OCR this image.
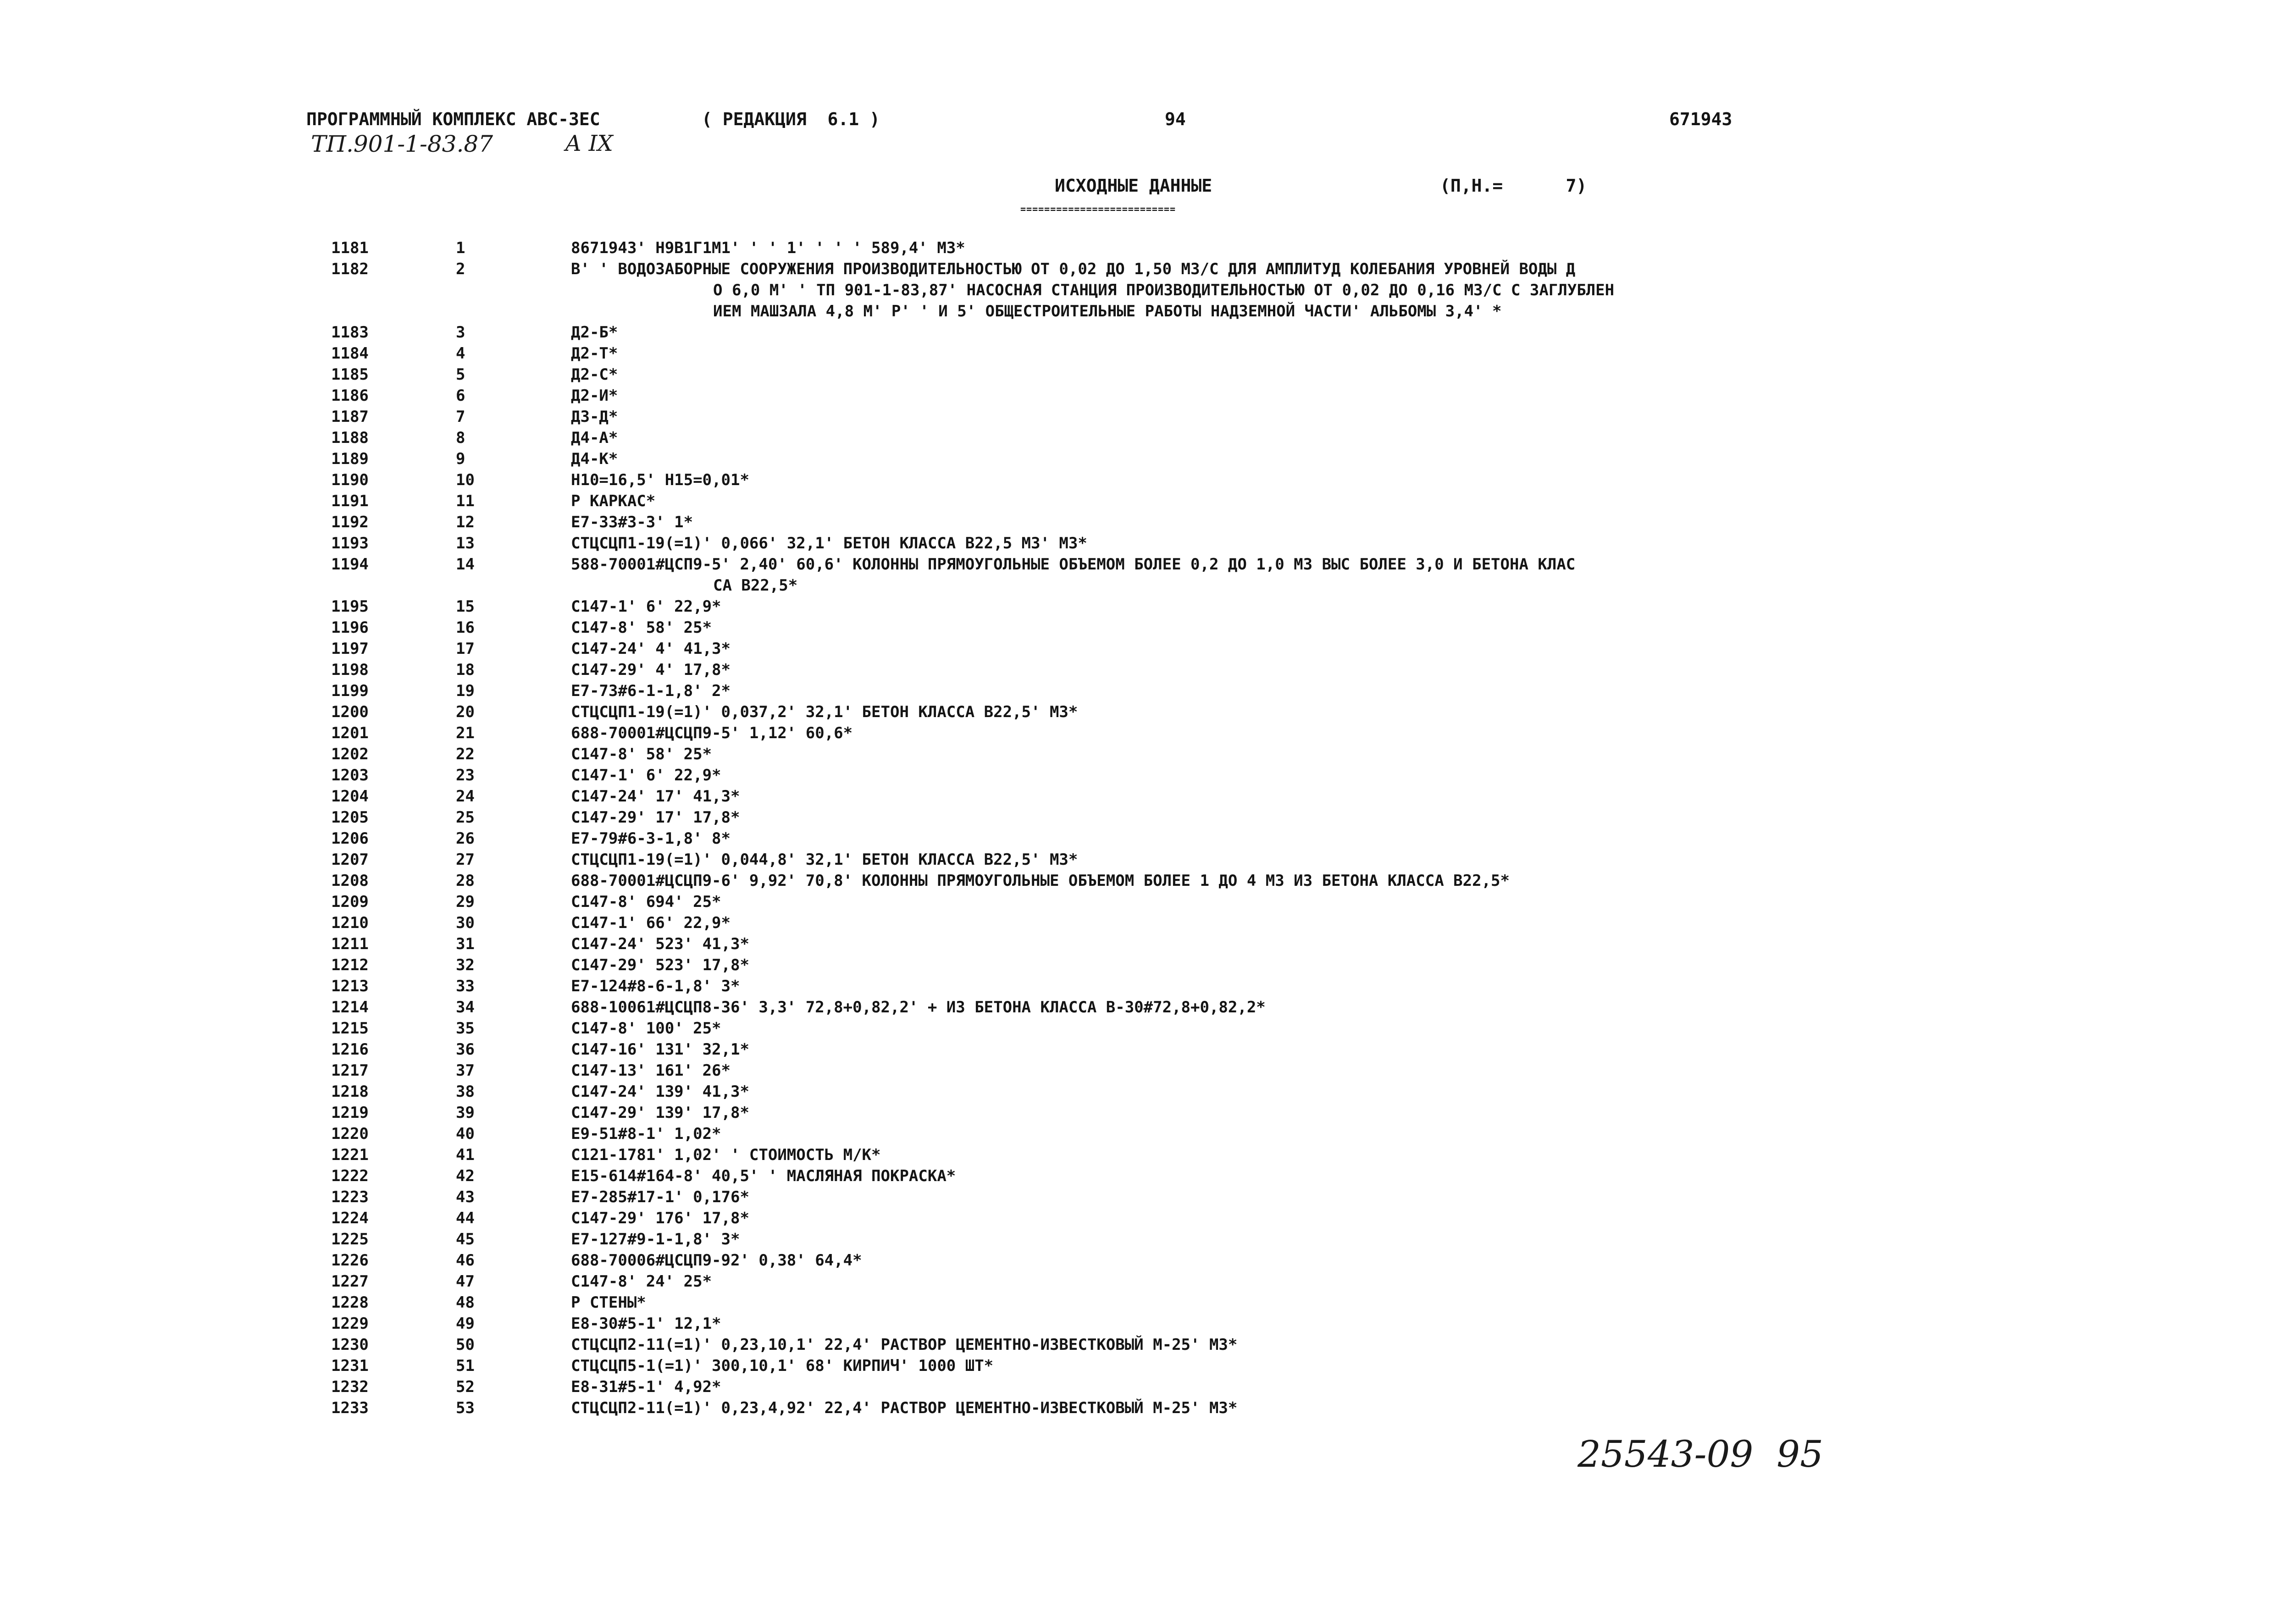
ПРОГРАММНЫЙ КОМПЛЕКС АВС-3ЕС	( РЕДАКЦИЯ  6.1 )	94	671943
ТП.901-1-83.87	А IX
ИСХОДНЫЕ ДАННЫЕ	(П,Н.=      7)
==========================
1181	1	8671943' Н9В1Г1М1' ' ' 1' ' ' ' 589,4' М3*
1182	2	В' ' ВОДОЗАБОРНЫЕ СООРУЖЕНИЯ ПРОИЗВОДИТЕЛЬНОСТЬЮ ОТ 0,02 ДО 1,50 М3/С ДЛЯ АМПЛИТУД КОЛЕБАНИЯ УРОВНЕЙ ВОДЫ Д
О 6,0 М' ' ТП 901-1-83,87' НАСОСНАЯ СТАНЦИЯ ПРОИЗВОДИТЕЛЬНОСТЬЮ ОТ 0,02 ДО 0,16 М3/С С ЗАГЛУБЛЕН
ИЕМ МАШЗАЛА 4,8 М' Р' ' И 5' ОБЩЕСТРОИТЕЛЬНЫЕ РАБОТЫ НАДЗЕМНОЙ ЧАСТИ' АЛЬБОМЫ 3,4' *
1183	3	Д2-Б*
1184	4	Д2-Т*
1185	5	Д2-С*
1186	6	Д2-И*
1187	7	Д3-Д*
1188	8	Д4-А*
1189	9	Д4-К*
1190	10	Н10=16,5' Н15=0,01*
1191	11	Р КАРКАС*
1192	12	Е7-33#3-3' 1*
1193	13	СТЦСЦП1-19(=1)' 0,066' 32,1' БЕТОН КЛАССА В22,5 М3' М3*
1194	14	588-70001#ЦСП9-5' 2,40' 60,6' КОЛОННЫ ПРЯМОУГОЛЬНЫЕ ОБЪЕМОМ БОЛЕЕ 0,2 ДО 1,0 М3 ВЫС БОЛЕЕ 3,0 И БЕТОНА КЛАС
СА В22,5*
1195	15	С147-1' 6' 22,9*
1196	16	С147-8' 58' 25*
1197	17	С147-24' 4' 41,3*
1198	18	С147-29' 4' 17,8*
1199	19	Е7-73#6-1-1,8' 2*
1200	20	СТЦСЦП1-19(=1)' 0,037,2' 32,1' БЕТОН КЛАССА В22,5' М3*
1201	21	688-70001#ЦСЦП9-5' 1,12' 60,6*
1202	22	С147-8' 58' 25*
1203	23	С147-1' 6' 22,9*
1204	24	С147-24' 17' 41,3*
1205	25	С147-29' 17' 17,8*
1206	26	Е7-79#6-3-1,8' 8*
1207	27	СТЦСЦП1-19(=1)' 0,044,8' 32,1' БЕТОН КЛАССА В22,5' М3*
1208	28	688-70001#ЦСЦП9-6' 9,92' 70,8' КОЛОННЫ ПРЯМОУГОЛЬНЫЕ ОБЪЕМОМ БОЛЕЕ 1 ДО 4 М3 ИЗ БЕТОНА КЛАССА В22,5*
1209	29	С147-8' 694' 25*
1210	30	С147-1' 66' 22,9*
1211	31	С147-24' 523' 41,3*
1212	32	С147-29' 523' 17,8*
1213	33	Е7-124#8-6-1,8' 3*
1214	34	688-10061#ЦСЦП8-36' 3,3' 72,8+0,82,2' + ИЗ БЕТОНА КЛАССА В-30#72,8+0,82,2*
1215	35	С147-8' 100' 25*
1216	36	С147-16' 131' 32,1*
1217	37	С147-13' 161' 26*
1218	38	С147-24' 139' 41,3*
1219	39	С147-29' 139' 17,8*
1220	40	Е9-51#8-1' 1,02*
1221	41	С121-1781' 1,02' ' СТОИМОСТЬ М/К*
1222	42	Е15-614#164-8' 40,5' ' МАСЛЯНАЯ ПОКРАСКА*
1223	43	Е7-285#17-1' 0,176*
1224	44	С147-29' 176' 17,8*
1225	45	Е7-127#9-1-1,8' 3*
1226	46	688-70006#ЦСЦП9-92' 0,38' 64,4*
1227	47	С147-8' 24' 25*
1228	48	Р СТЕНЫ*
1229	49	Е8-30#5-1' 12,1*
1230	50	СТЦСЦП2-11(=1)' 0,23,10,1' 22,4' РАСТВОР ЦЕМЕНТНО-ИЗВЕСТКОВЫЙ М-25' М3*
1231	51	СТЦСЦП5-1(=1)' 300,10,1' 68' КИРПИЧ' 1000 ШТ*
1232	52	Е8-31#5-1' 4,92*
1233	53	СТЦСЦП2-11(=1)' 0,23,4,92' 22,4' РАСТВОР ЦЕМЕНТНО-ИЗВЕСТКОВЫЙ М-25' М3*
25543-09  95
